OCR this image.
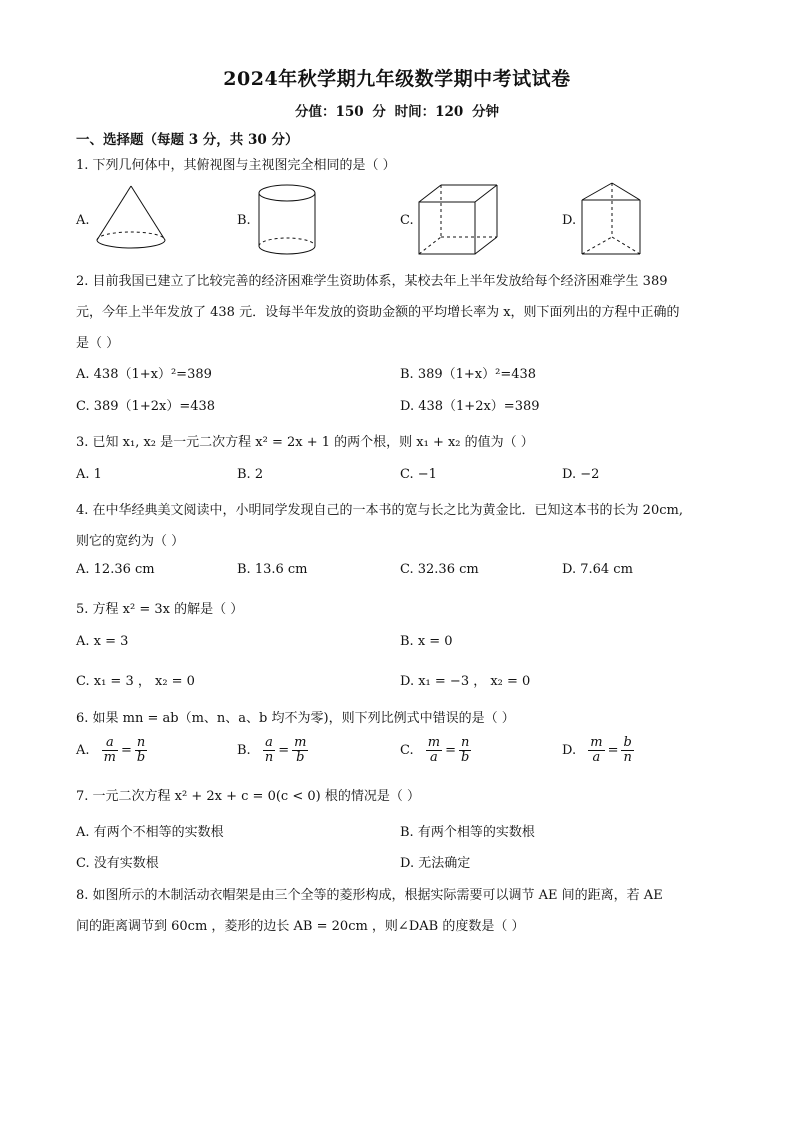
2024年秋学期九年级数学期中考试试卷
分值：150 分 时间：120 分钟
一、选择题（每题 3 分，共 30 分）
1. 下列几何体中，其俯视图与主视图完全相同的是（ ）
A.	B.	C.	D.
2. 目前我国已建立了比较完善的经济困难学生资助体系，某校去年上半年发放给每个经济困难学生 389
元，今年上半年发放了 438 元．设每半年发放的资助金额的平均增长率为 x，则下面列出的方程中正确的
是（ ）
A. 438（1+x）²=389	B. 389（1+x）²=438
C. 389（1+2x）=438	D. 438（1+2x）=389
3. 已知 x₁, x₂ 是一元二次方程 x² = 2x + 1 的两个根，则 x₁ + x₂ 的值为（ ）
A. 1	B. 2	C. −1	D. −2
4. 在中华经典美文阅读中，小明同学发现自己的一本书的宽与长之比为黄金比．已知这本书的长为 20cm,
则它的宽约为（ ）
A. 12.36 cm	B. 13.6 cm	C. 32.36 cm	D. 7.64 cm
5. 方程 x² = 3x 的解是（ ）
A. x = 3	B. x = 0
C. x₁ = 3 ， x₂ = 0	D. x₁ = −3 ， x₂ = 0
6. 如果 mn = ab（m、n、a、b 均不为零)，则下列比例式中错误的是（ ）
A. $\frac{a}{m} = \frac{n}{b}$	B. $\frac{a}{n} = \frac{m}{b}$	C. $\frac{m}{a} = \frac{n}{b}$	D. $\frac{m}{a} = \frac{b}{n}$
7. 一元二次方程 x² + 2x + c = 0(c < 0) 根的情况是（ ）
A. 有两个不相等的实数根	B. 有两个相等的实数根
C. 没有实数根	D. 无法确定
8. 如图所示的木制活动衣帽架是由三个全等的菱形构成，根据实际需要可以调节 AE 间的距离，若 AE
间的距离调节到 60cm ，菱形的边长 AB = 20cm ，则∠DAB 的度数是（ ）
